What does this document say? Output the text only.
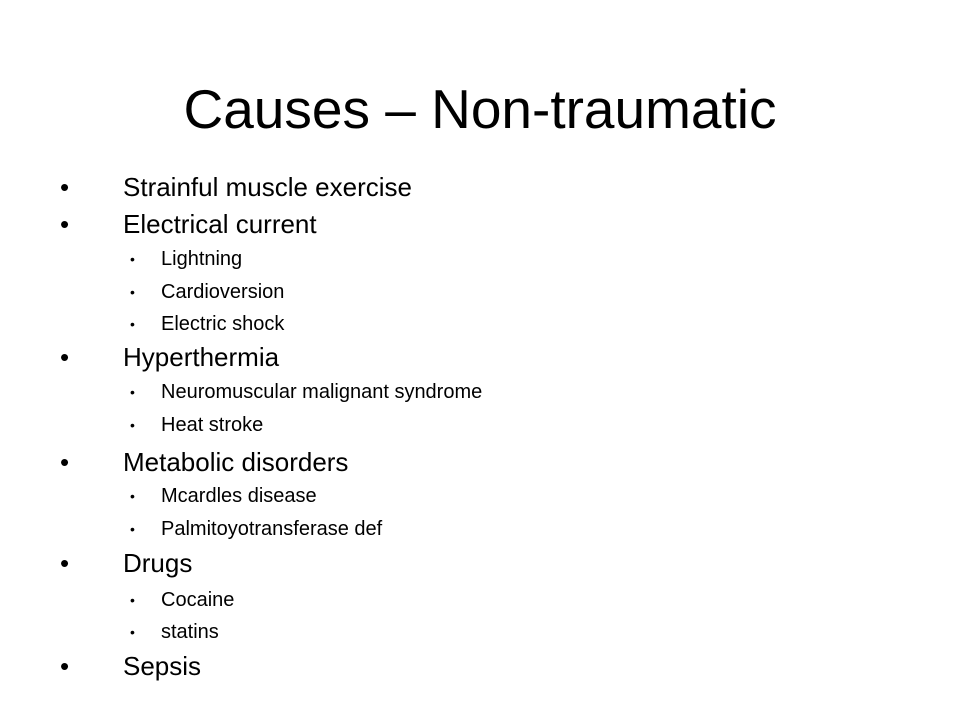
Causes – Non-traumatic
• Strainful muscle exercise
• Electrical current
• Lightning
• Cardioversion
• Electric shock
• Hyperthermia
• Neuromuscular malignant syndrome
• Heat stroke
• Metabolic disorders
• Mcardles disease
• Palmitoyotransferase def
• Drugs
• Cocaine
• statins
• Sepsis
